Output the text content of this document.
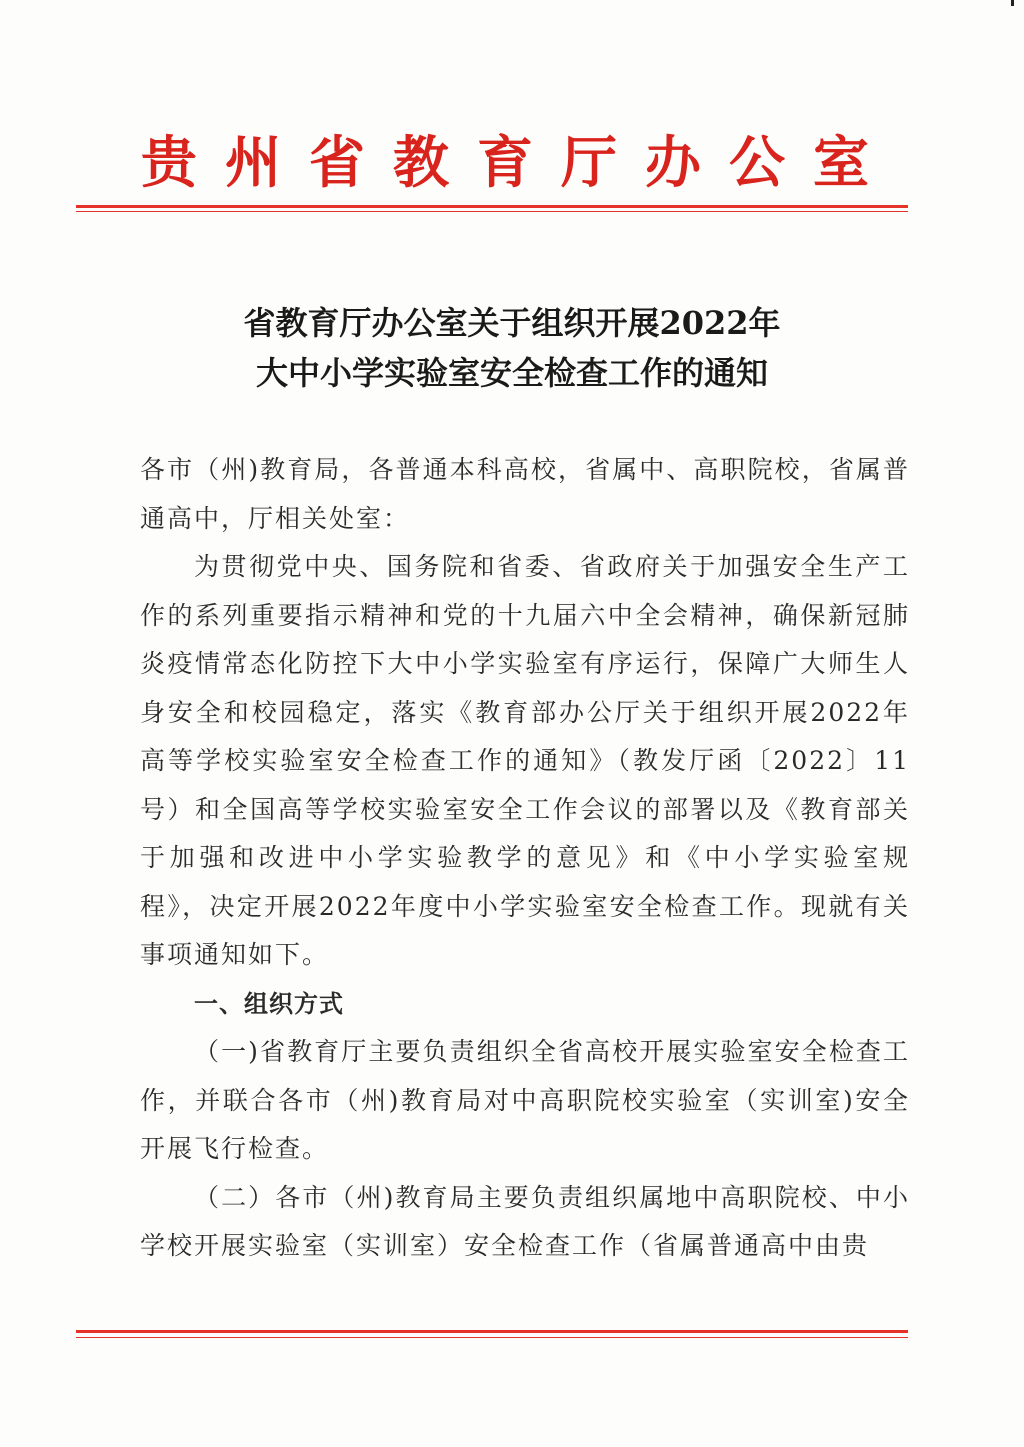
贵州省教育厅办公室
省教育厅办公室关于组织开展2022年
大中小学实验室安全检查工作的通知

各市（州)教育局，各普通本科高校，省属中、高职院校，省属普通高中，厅相关处室：

为贯彻党中央、国务院和省委、省政府关于加强安全生产工作的系列重要指示精神和党的十九届六中全会精神，确保新冠肺炎疫情常态化防控下大中小学实验室有序运行，保障广大师生人身安全和校园稳定，落实《教育部办公厅关于组织开展2022年高等学校实验室安全检查工作的通知》（教发厅函〔2022〕11号）和全国高等学校实验室安全工作会议的部署以及《教育部关于加强和改进中小学实验教学的意见》和《中小学实验室规程》，决定开展2022年度中小学实验室安全检查工作。现就有关事项通知如下。

一、组织方式

（一)省教育厅主要负责组织全省高校开展实验室安全检查工作，并联合各市（州)教育局对中高职院校实验室（实训室)安全开展飞行检查。

（二）各市（州)教育局主要负责组织属地中高职院校、中小学校开展实验室（实训室）安全检查工作（省属普通高中由贵
